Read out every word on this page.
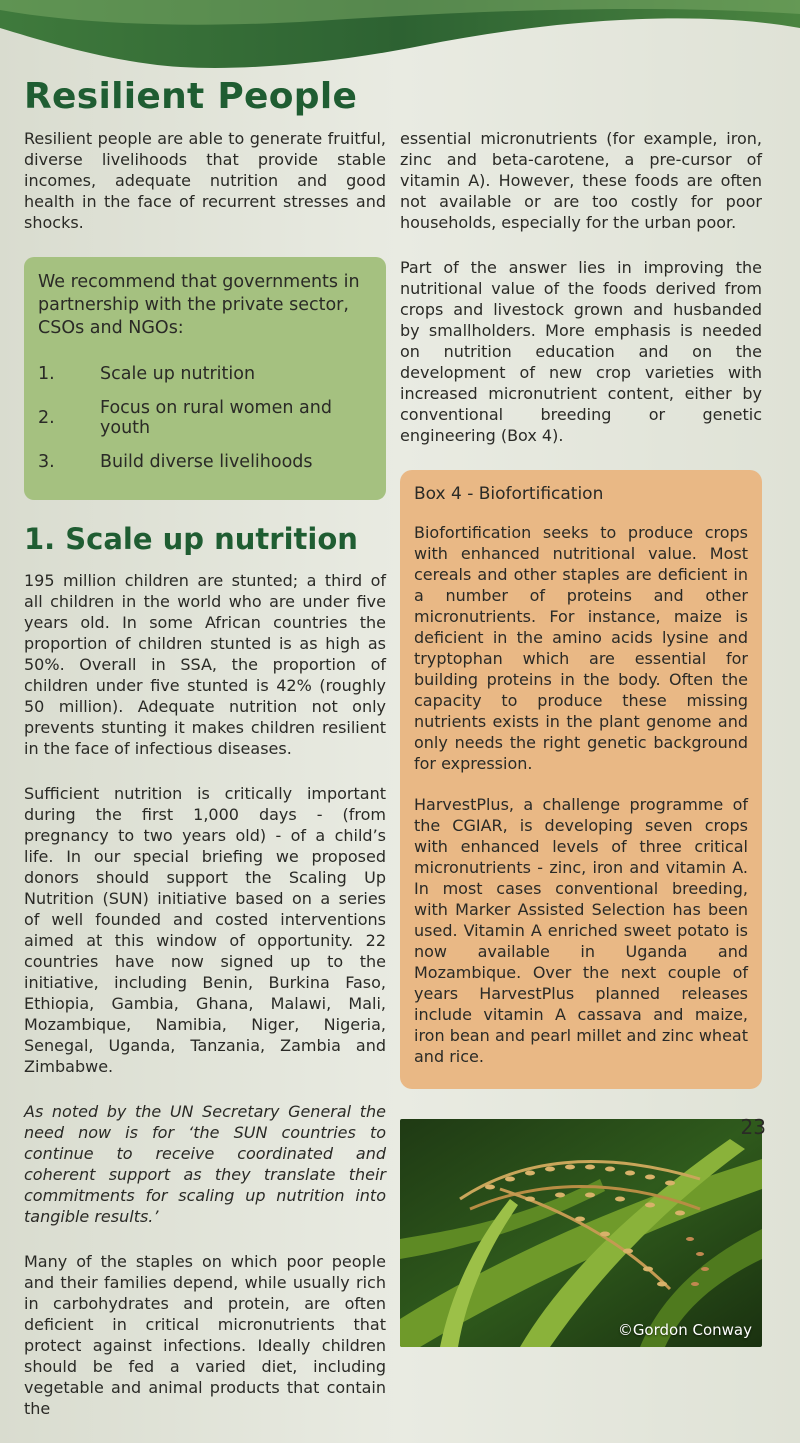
Resilient People

Resilient people are able to generate fruitful, diverse livelihoods that provide stable incomes, adequate nutrition and good health in the face of recurrent stresses and shocks.

We recommend that governments in partnership with the private sector, CSOs and NGOs:

1.	Scale up nutrition
2.	Focus on rural women and youth
3.	Build diverse livelihoods
1. Scale up nutrition

195 million children are stunted; a third of all children in the world who are under five years old. In some African countries the proportion of children stunted is as high as 50%. Overall in SSA, the proportion of children under five stunted is 42% (roughly 50 million). Adequate nutrition not only prevents stunting it makes children resilient in the face of infectious diseases.

Sufficient nutrition is critically important during the first 1,000 days - (from pregnancy to two years old) - of a child’s life. In our special briefing we proposed donors should support the Scaling Up Nutrition (SUN) initiative based on a series of well founded and costed interventions aimed at this window of opportunity. 22 countries have now signed up to the initiative, including Benin, Burkina Faso, Ethiopia, Gambia, Ghana, Malawi, Mali, Mozambique, Namibia, Niger, Nigeria, Senegal, Uganda, Tanzania, Zambia and Zimbabwe.

As noted by the UN Secretary General the need now is for ‘the SUN countries to continue to receive coordinated and coherent support as they translate their commitments for scaling up nutrition into tangible results.’

Many of the staples on which poor people and their families depend, while usually rich in carbohydrates and protein, are often deficient in critical micronutrients that protect against infections. Ideally children should be fed a varied diet, including vegetable and animal products that contain the

essential micronutrients (for example, iron, zinc and beta-carotene, a pre-cursor of vitamin A). However, these foods are often not available or are too costly for poor households, especially for the urban poor.

Part of the answer lies in improving the nutritional value of the foods derived from crops and livestock grown and husbanded by smallholders. More emphasis is needed on nutrition education and on the development of new crop varieties with increased micronutrient content, either by conventional breeding or genetic engineering (Box 4).

Box 4 - Biofortification

Biofortification seeks to produce crops with enhanced nutritional value. Most cereals and other staples are deficient in a number of proteins and other micronutrients. For instance, maize is deficient in the amino acids lysine and tryptophan which are essential for building proteins in the body. Often the capacity to produce these missing nutrients exists in the plant genome and only needs the right genetic background for expression.

HarvestPlus, a challenge programme of the CGIAR, is developing seven crops with enhanced levels of three critical micronutrients - zinc, iron and vitamin A. In most cases conventional breeding, with Marker Assisted Selection has been used. Vitamin A enriched sweet potato is now available in Uganda and Mozambique. Over the next couple of years HarvestPlus planned releases include vitamin A cassava and maize, iron bean and pearl millet and zinc wheat and rice.

©Gordon Conway
23
